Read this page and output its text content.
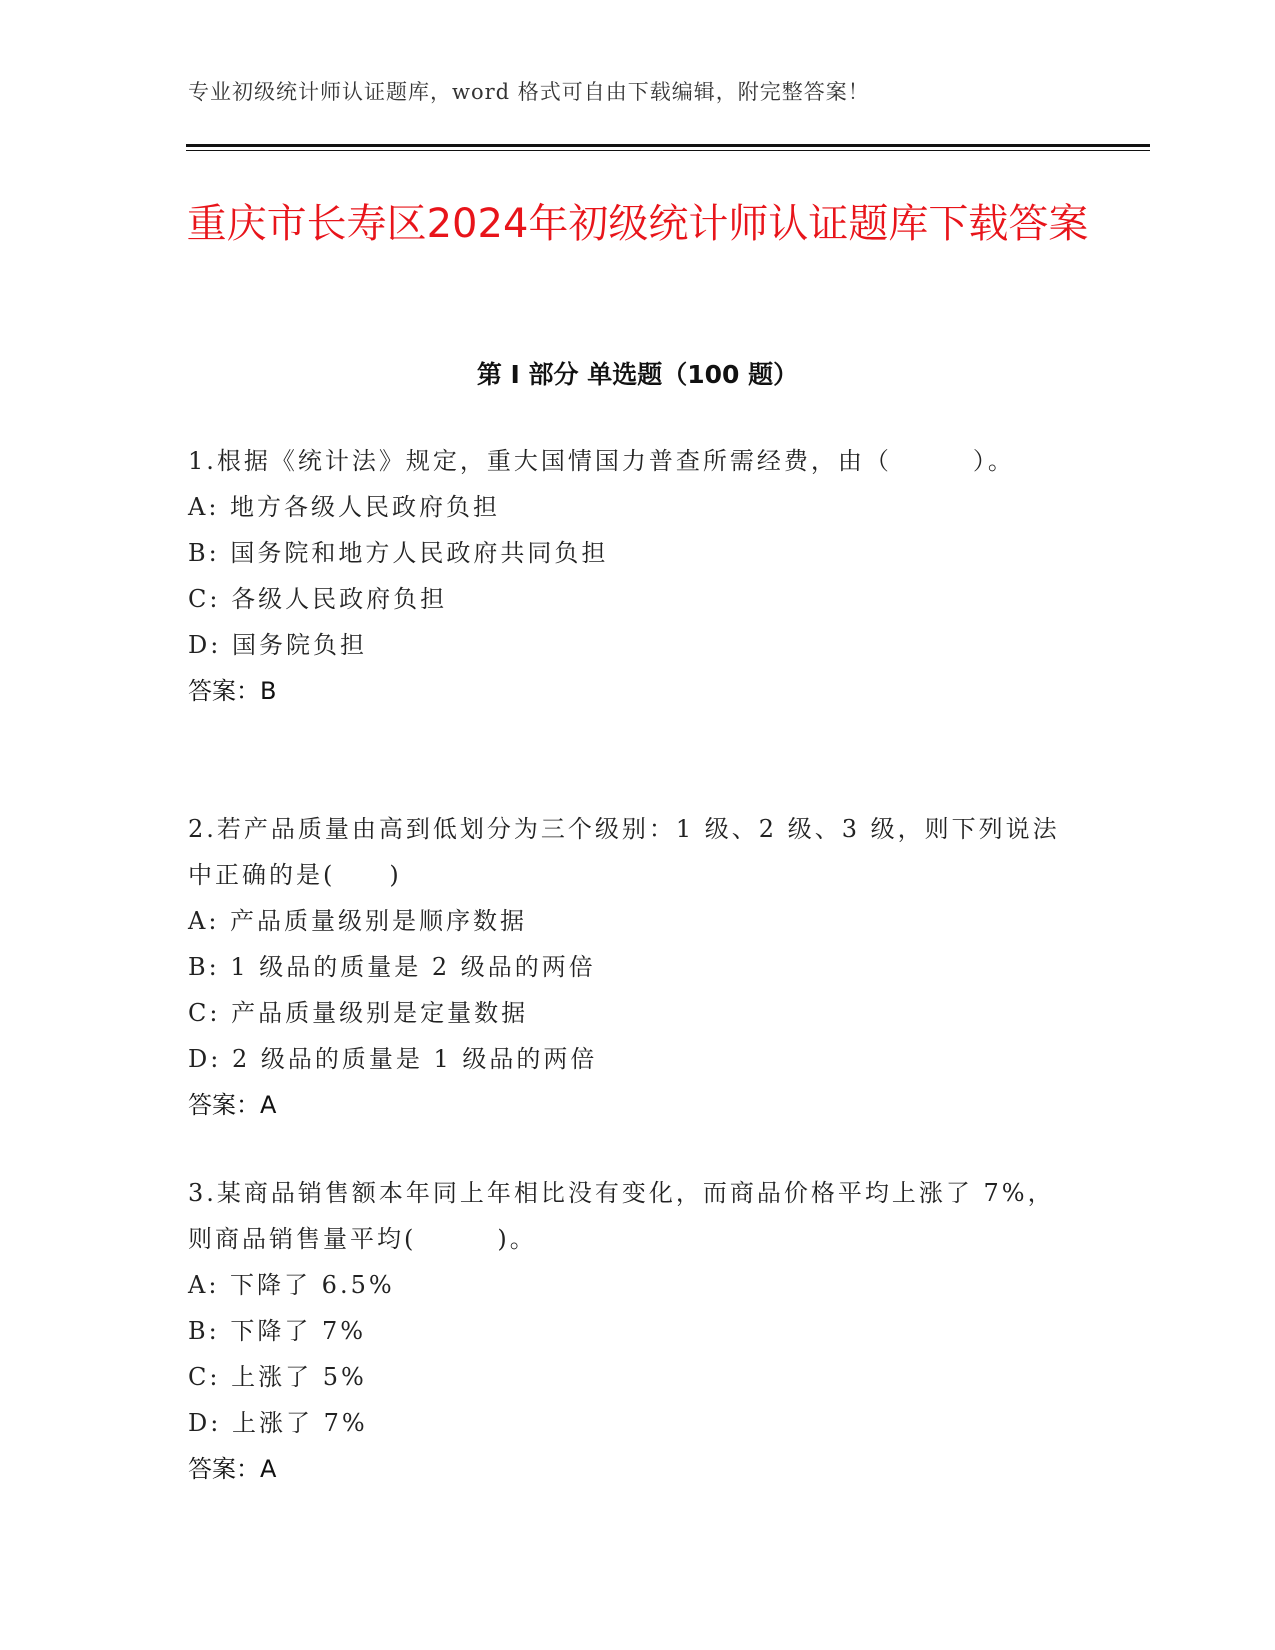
专业初级统计师认证题库，word 格式可自由下载编辑，附完整答案！
重庆市长寿区2024年初级统计师认证题库下载答案
第 I 部分 单选题（100 题）

1.根据《统计法》规定，重大国情国力普查所需经费，由（　　　）。

A: 地方各级人民政府负担
B: 国务院和地方人民政府共同负担
C: 各级人民政府负担
D: 国务院负担

答案：B

2.若产品质量由高到低划分为三个级别：1 级、2 级、3 级，则下列说法中正确的是(　　)

A: 产品质量级别是顺序数据
B: 1 级品的质量是 2 级品的两倍
C: 产品质量级别是定量数据
D: 2 级品的质量是 1 级品的两倍

答案：A

3.某商品销售额本年同上年相比没有变化，而商品价格平均上涨了 7%，则商品销售量平均(　　　)。

A: 下降了 6.5%
B: 下降了 7%
C: 上涨了 5%
D: 上涨了 7%

答案：A
